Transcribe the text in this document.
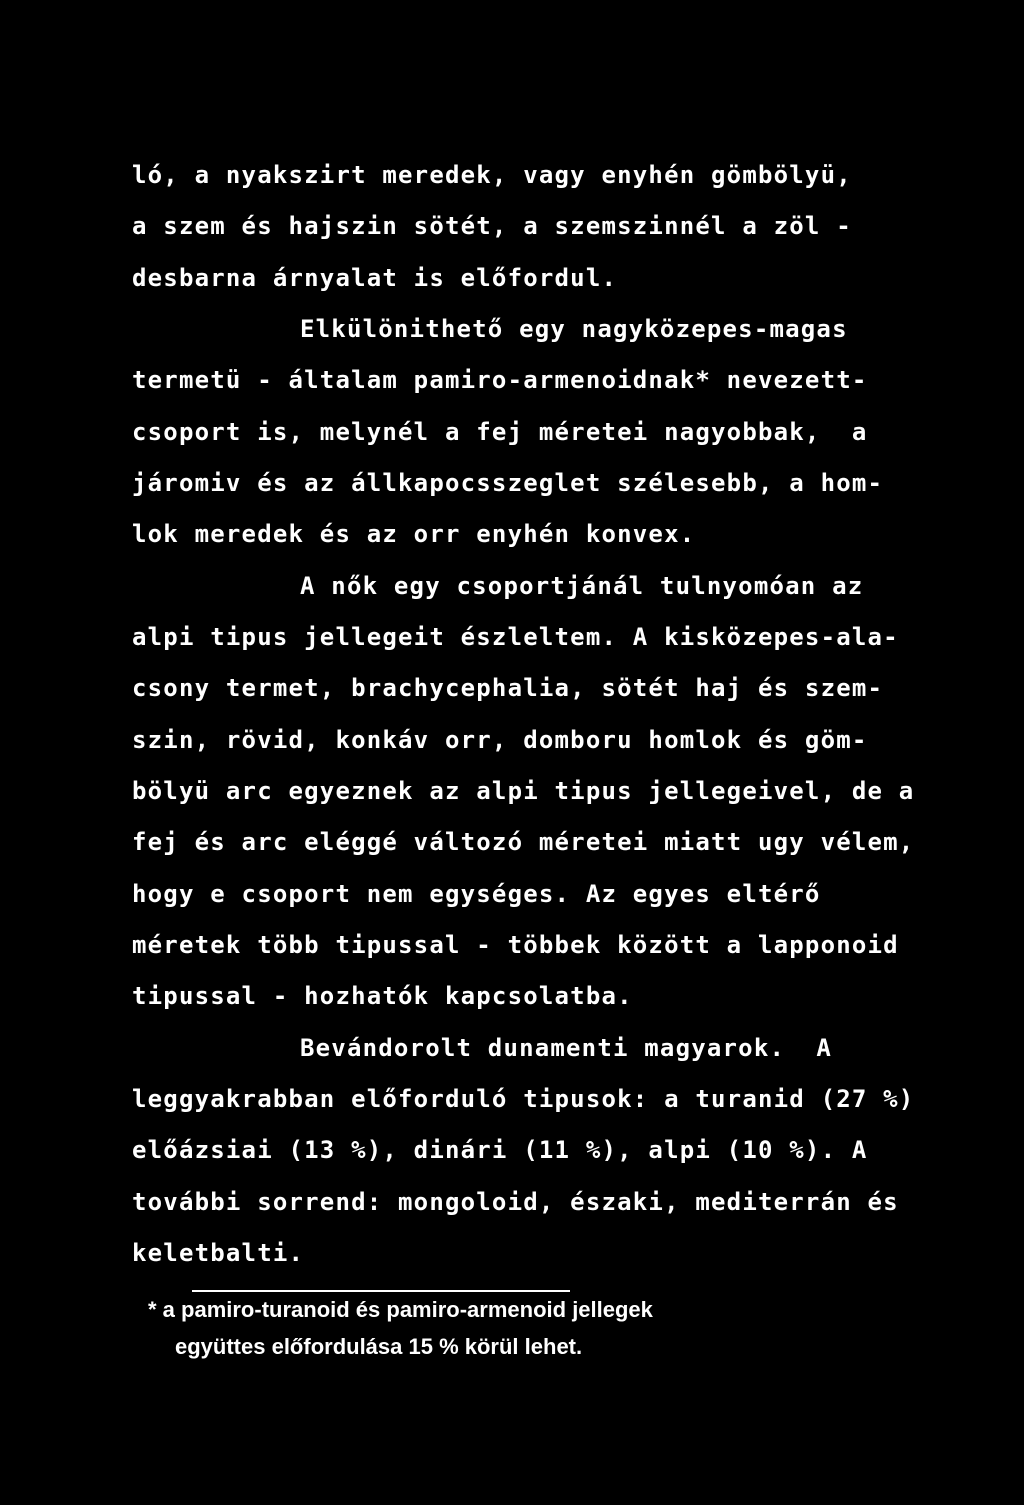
ló, a nyakszirt meredek, vagy enyhén gömbölyü,
a szem és hajszin sötét, a szemszinnél a zöl -
desbarna árnyalat is előfordul.
Elkülönithető egy nagyközepes-magas
termetü - általam pamiro-armenoidnak* nevezett-
csoport is, melynél a fej méretei nagyobbak,  a
járomiv és az állkapocsszeglet szélesebb, a hom-
lok meredek és az orr enyhén konvex.
A nők egy csoportjánál tulnyomóan az
alpi tipus jellegeit észleltem. A kisközepes-ala-
csony termet, brachycephalia, sötét haj és szem-
szin, rövid, konkáv orr, domboru homlok és göm-
bölyü arc egyeznek az alpi tipus jellegeivel, de a
fej és arc eléggé változó méretei miatt ugy vélem,
hogy e csoport nem egységes. Az egyes eltérő
méretek több tipussal - többek között a lapponoid
tipussal - hozhatók kapcsolatba.
Bevándorolt dunamenti magyarok.  A
leggyakrabban előforduló tipusok: a turanid (27 %)
előázsiai (13 %), dinári (11 %), alpi (10 %). A
további sorrend: mongoloid, északi, mediterrán és
keletbalti.
* a pamiro-turanoid és pamiro-armenoid jellegek
együttes előfordulása 15 % körül lehet.
